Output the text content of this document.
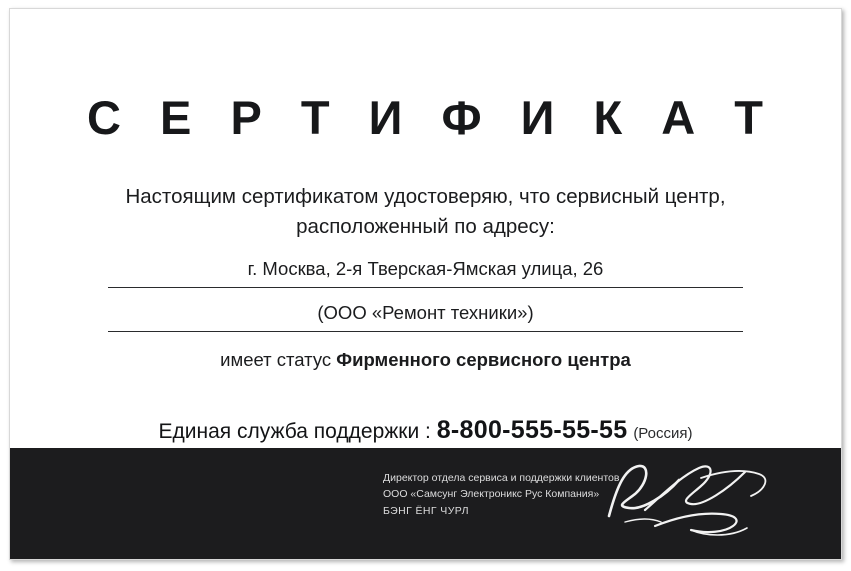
С Е Р Т И Ф И К А Т
Настоящим сертификатом удостоверяю, что сервисный центр,
расположенный по адресу:
г. Москва, 2-я Тверская-Ямская улица, 26
(ООО «Ремонт техники»)
имеет статус Фирменного сервисного центра
Единая служба поддержки : 8-800-555-55-55 (Россия)
Директор отдела сервиса и поддержки клиентов
ООО «Самсунг Электроникс Рус Компания»
БЭНГ ЁНГ ЧУРЛ
